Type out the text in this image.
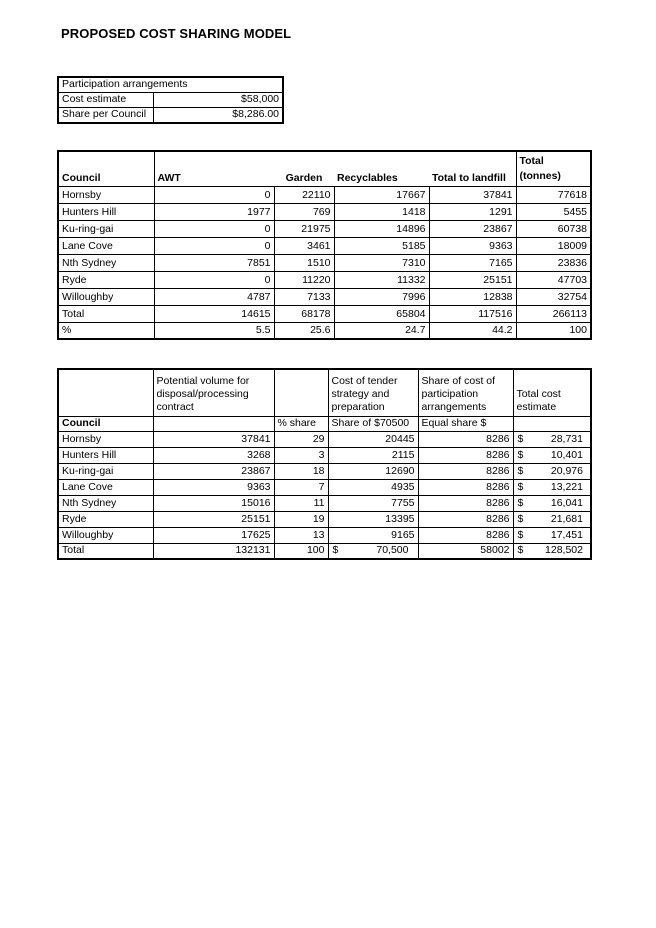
PROPOSED COST SHARING MODEL
Participation arrangements	
Cost estimate	$58,000
Share per Council	$8,286.00
Council	AWT	Garden	Recyclables	Total to landfill	Total
(tonnes)

Hornsby	0	22110	17667	37841	77618
Hunters Hill	1977	769	1418	1291	5455
Ku-ring-gai	0	21975	14896	23867	60738
Lane Cove	0	3461	5185	9363	18009
Nth Sydney	7851	1510	7310	7165	23836
Ryde	0	11220	11332	25151	47703
Willoughby	4787	7133	7996	12838	32754
Total	14615	68178	65804	117516	266113
%	5.5	25.6	24.7	44.2	100
	Potential volume for disposal/processing contract		Cost of tender strategy and preparation	Share of cost of participation arrangements	Total cost estimate
Council		% share	Share of $70500	Equal share $	
Hornsby	37841	29	20445	8286	$ 28,731

Hunters Hill	3268	3	2115	8286	$ 10,401

Ku-ring-gai	23867	18	12690	8286	$ 20,976

Lane Cove	9363	7	4935	8286	$ 13,221

Nth Sydney	15016	11	7755	8286	$ 16,041

Ryde	25151	19	13395	8286	$ 21,681

Willoughby	17625	13	9165	8286	$ 17,451

Total	132131	100	$ 70,500	58002	$ 128,502
